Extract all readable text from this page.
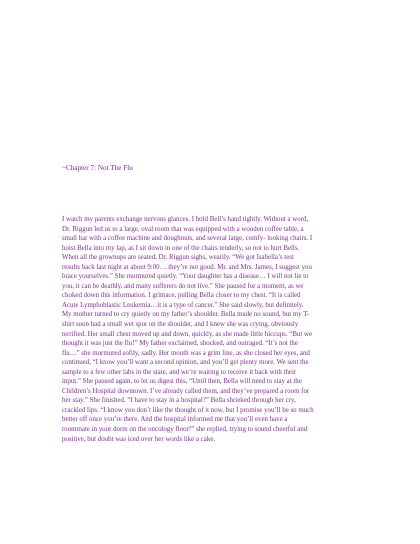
~Chapter 7: Not The Flu
I watch my parents exchange nervous glances. I hold Bell’s hand tightly. Without a word,
Dr. Riggun led us to a large, oval room that was equipped with a wooden coffee table, a
small bar with a coffee machine and doughnuts, and several large, comfy- looking chairs. I
hoist Bella into my lap, as I sit down in one of the chairs tenderly, so not to hurt Bells.
When all the grownups are seated, Dr. Riggun sighs, wearily. “We got Isabella’s test
results back last night at about 9:00… they’re not good. Mr. and Mrs. James, I suggest you
brace yourselves.” She murmured quietly. “Your daughter has a disease… I will not lie to
you, it can be deathly, and many sufferers do not live.” She paused for a moment, as we
choked down this information. I grimace, pulling Bella closer to my chest. “It is called
Acute Lymphoblastic Leukemia…it is a type of cancer.” She said slowly, but definitely.
My mother turned to cry quietly on my father’s shoulder. Bella made no sound, but my T-
shirt soon had a small wet spot on the shoulder, and I knew she was crying, obviously
terrified. Her small chest moved up and down, quickly, as she made little hiccups. “But we
thought it was just the flu!” My father exclaimed, shocked, and outraged. “It’s not the
flu…” she murmured softly, sadly. Her mouth was a grim line, as she closed her eyes, and
continued, “I know you’ll want a second opinion, and you’ll get plenty more. We sent the
sample to a few other labs in the state, and we’re waiting to receive it back with their
input.” She paused again, to let us digest this, “Until then, Bella will need to stay at the
Children’s Hospital downtown. I’ve already called them, and they’ve prepared a room for
her stay.” She finished. “I have to stay in a hospital?” Bella shrieked through her cry,
crackled lips. “I know you don’t like the thought of it now, but I promise you’ll be so much
better off once you’re there. And the hospital informed me that you’ll even have a
roommate in your dorm on the oncology floor!” she replied, trying to sound cheerful and
positive, but doubt was iced over her words like a cake.
